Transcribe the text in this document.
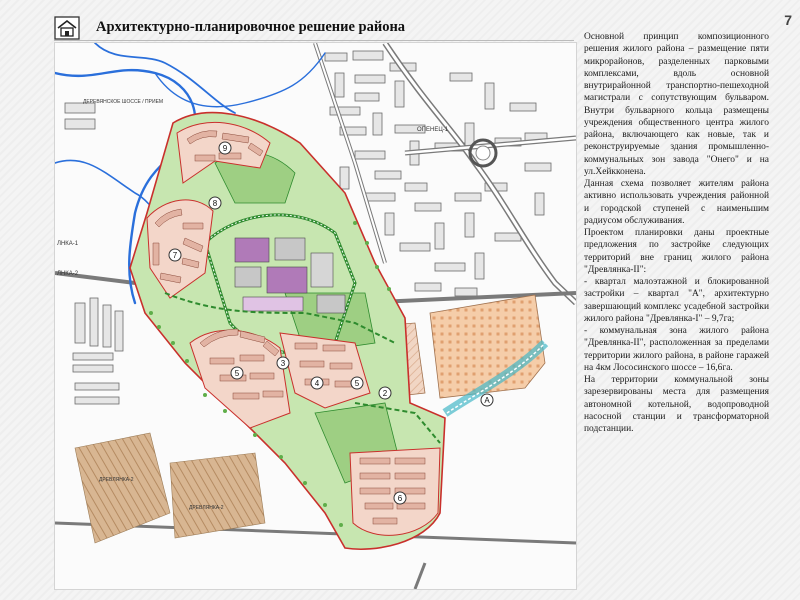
Архитектурно-планировочное решение района	7
ОПЕНЕЦ-1
ДЕРЕВЯНСКОЕ ШОССЕ / ПРИЕМ
ЛНКА-1
ЛНКА-2
ДРЕВЛЯНКА-2
ДРЕВЛЯНКА-2
9
7
8
5
4
2
5
6
3
А

Основной принцип композиционного решения жилого района – размещение пяти микрорайонов, разделенных парковыми комплексами, вдоль основной внутрирайонной транспортно-пешеходной магистрали с сопутствующим бульваром. Внутри бульварного кольца размещены учреждения общественного центра жилого района, включающего как новые, так и реконструируемые здания промышленно-коммунальных зон завода "Онего" и на ул.Хейкконена.

Данная схема позволяет жителям района активно использовать учреждения районной и городской ступеней с наименьшим радиусом обслуживания.

Проектом планировки даны проектные предложения по застройке следующих территорий вне границ жилого района "Древлянка-II":

- квартал малоэтажной и блокированной застройки – квартал "А", архитектурно завершающий комплекс усадебной застройки жилого района "Древлянка-I" – 9,7га;

- коммунальная зона жилого района "Древлянка-II", расположенная за пределами территории жилого района, в районе гаражей на 4км Лососинского шоссе – 16,6га.

На территории коммунальной зоны зарезервированы места для размещения автономной котельной, водопроводной насосной станции и трансформаторной подстанции.
